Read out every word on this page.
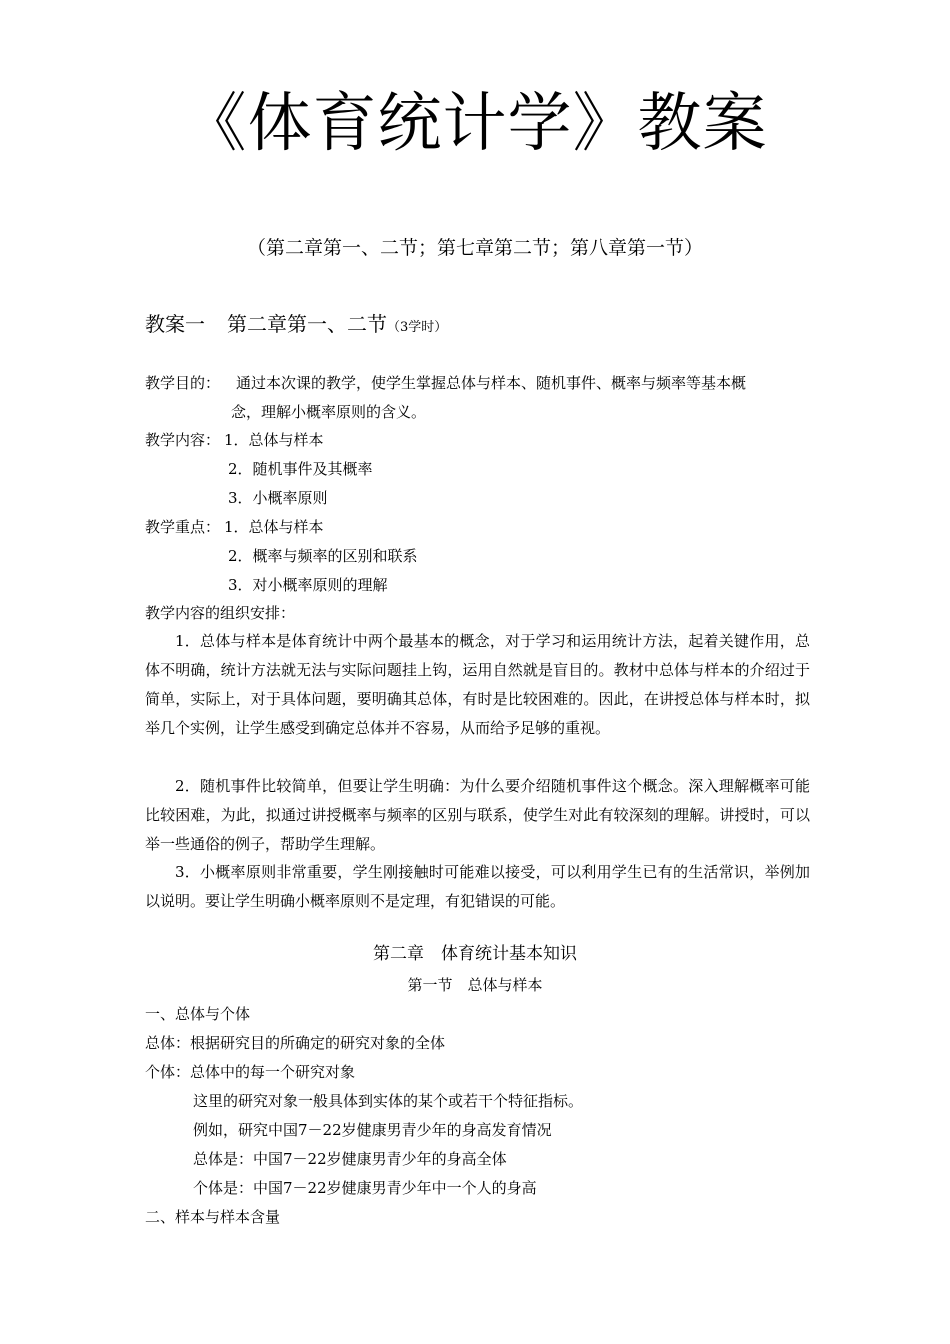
《体育统计学》教案
（第二章第一、二节；第七章第二节；第八章第一节）
教案一 第二章第一、二节（3学时）
教学目的： 通过本次课的教学，使学生掌握总体与样本、随机事件、概率与频率等基本概
念，理解小概率原则的含义。
教学内容： 1．总体与样本
2．随机事件及其概率
3．小概率原则
教学重点： 1．总体与样本
2．概率与频率的区别和联系
3．对小概率原则的理解
教学内容的组织安排：
1．总体与样本是体育统计中两个最基本的概念，对于学习和运用统计方法，起着关键作用，总体不明确，统计方法就无法与实际问题挂上钩，运用自然就是盲目的。教材中总体与样本的介绍过于简单，实际上，对于具体问题，要明确其总体，有时是比较困难的。因此，在讲授总体与样本时，拟举几个实例，让学生感受到确定总体并不容易，从而给予足够的重视。
2．随机事件比较简单，但要让学生明确：为什么要介绍随机事件这个概念。深入理解概率可能比较困难，为此，拟通过讲授概率与频率的区别与联系，使学生对此有较深刻的理解。讲授时，可以举一些通俗的例子，帮助学生理解。
3．小概率原则非常重要，学生刚接触时可能难以接受，可以利用学生已有的生活常识，举例加以说明。要让学生明确小概率原则不是定理，有犯错误的可能。
第二章　体育统计基本知识
第一节　总体与样本
一、总体与个体
总体：根据研究目的所确定的研究对象的全体
个体：总体中的每一个研究对象
这里的研究对象一般具体到实体的某个或若干个特征指标。
例如，研究中国7－22岁健康男青少年的身高发育情况
总体是：中国7－22岁健康男青少年的身高全体
个体是：中国7－22岁健康男青少年中一个人的身高
二、样本与样本含量
